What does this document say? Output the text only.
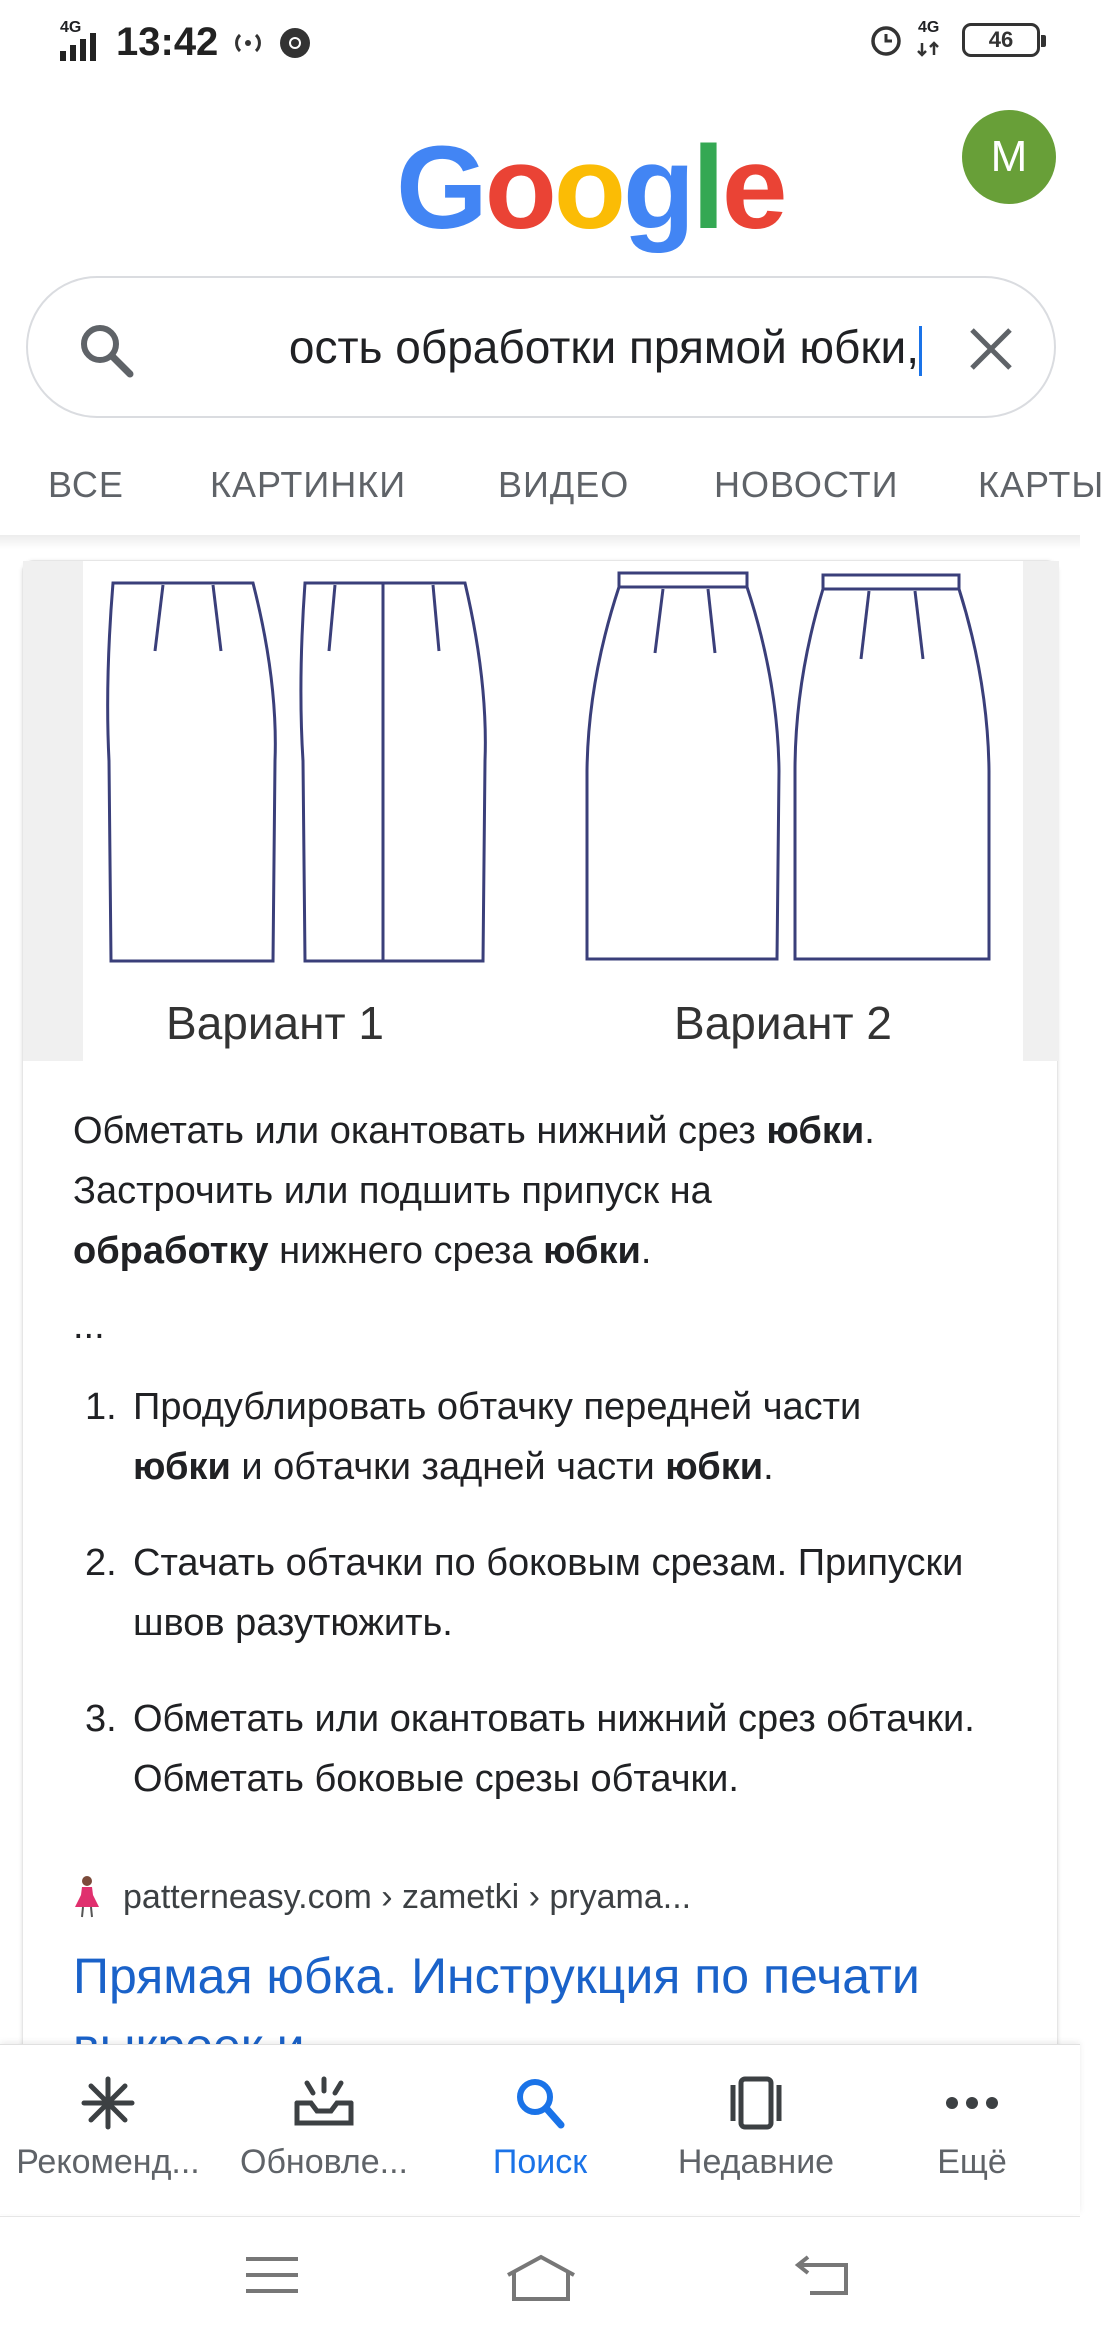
4G 13:42	4G 46
Google	M
ость обработки прямой юбки,
ВСЕ КАРТИНКИ	ВИДЕО НОВОСТИ КАРТЫ
Вариант 1	Вариант 2
Обметать или окантовать нижний срез юбки.
Застрочить или подшить припуск на
обработку нижнего среза юбки.
...
1. Продублировать обтачку передней части
юбки и обтачки задней части юбки.
2. Стачать обтачки по боковым срезам. Припуски швов разутюжить.
3. Обметать или окантовать нижний срез обтачки. Обметать боковые срезы обтачки.
patterneasy.com › zametki › pryama...
Прямая юбка. Инструкция по печати
Рекоменд...	Обновле...	Поиск	Недавние	Ещё
